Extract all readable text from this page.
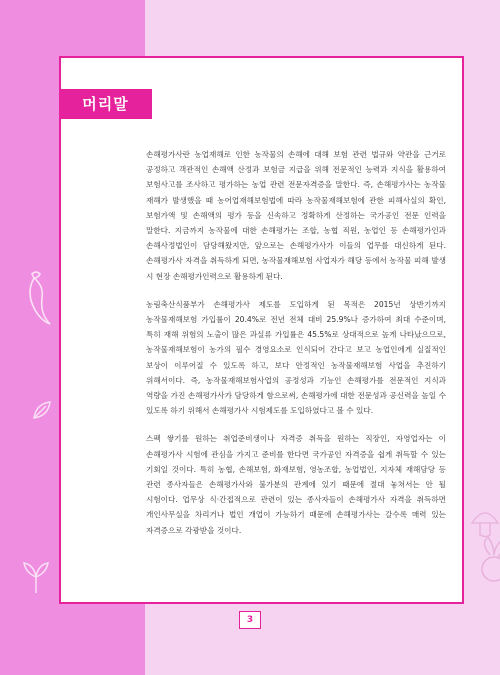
머리말

손해평가사란 농업재해로 인한 농작물의 손해에 대해 보험 관련 법규와 약관을 근거로 공정하고 객관적인 손해액 산정과 보험금 지급을 위해 전문적인 능력과 지식을 활용하여 보험사고를 조사하고 평가하는 농업 관련 전문자격증을 말한다. 즉, 손해평가사는 농작물 재해가 발생했을 때 농어업재해보험법에 따라 농작물재해보험에 관한 피해사실의 확인, 보험가액 및 손해액의 평가 등을 신속하고 정확하게 산정하는 국가공인 전문 인력을 말한다. 지금까지 농작물에 대한 손해평가는 조합, 농협 직원, 농업인 등 손해평가인과 손해사정법인이 담당해왔지만, 앞으로는 손해평가사가 이들의 업무를 대신하게 된다. 손해평가사 자격을 취득하게 되면, 농작물재해보험 사업자가 해당 등에서 농작물 피해 발생 시 현장 손해평가인력으로 활용하게 된다.

농림축산식품부가 손해평가사 제도를 도입하게 된 목적은 2015년 상반기까지 농작물재해보험 가입률이 20.4%로 전년 전체 대비 25.9%나 증가하여 최대 수준이며, 특히 재해 위험의 노출이 많은 과실류 가입률은 45.5%로 상대적으로 높게 나타났으므로, 농작물재해보험이 농가의 필수 경영요소로 인식되어 간다고 보고 농업인에게 실질적인 보상이 이루어질 수 있도록 하고, 보다 안정적인 농작물재해보험 사업을 추진하기 위해서이다. 즉, 농작물재해보험사업의 공정성과 기능인 손해평가를 전문적인 지식과 역량을 가진 손해평가사가 담당하게 함으로써, 손해평가에 대한 전문성과 공신력을 높일 수 있도록 하기 위해서 손해평가사 시험제도를 도입하였다고 볼 수 있다.

스펙 쌓기를 원하는 취업준비생이나 자격증 취득을 원하는 직장인, 자영업자는 이 손해평가사 시험에 관심을 가지고 준비를 한다면 국가공인 자격증을 쉽게 취득할 수 있는 기회일 것이다. 특히 농협, 손해보험, 화재보험, 영농조합, 농업법인, 지자체 재해담당 등 관련 종사자들은 손해평가사와 불가분의 관계에 있기 때문에 절대 놓쳐서는 안 될 시험이다. 업무상 식·간접적으로 관련이 있는 종사자들이 손해평가사 자격을 취득하면 개인사무실을 차리거나 법인 개업이 가능하기 때문에 손해평가사는 갈수록 매력 있는 자격증으로 각광받을 것이다.

3
